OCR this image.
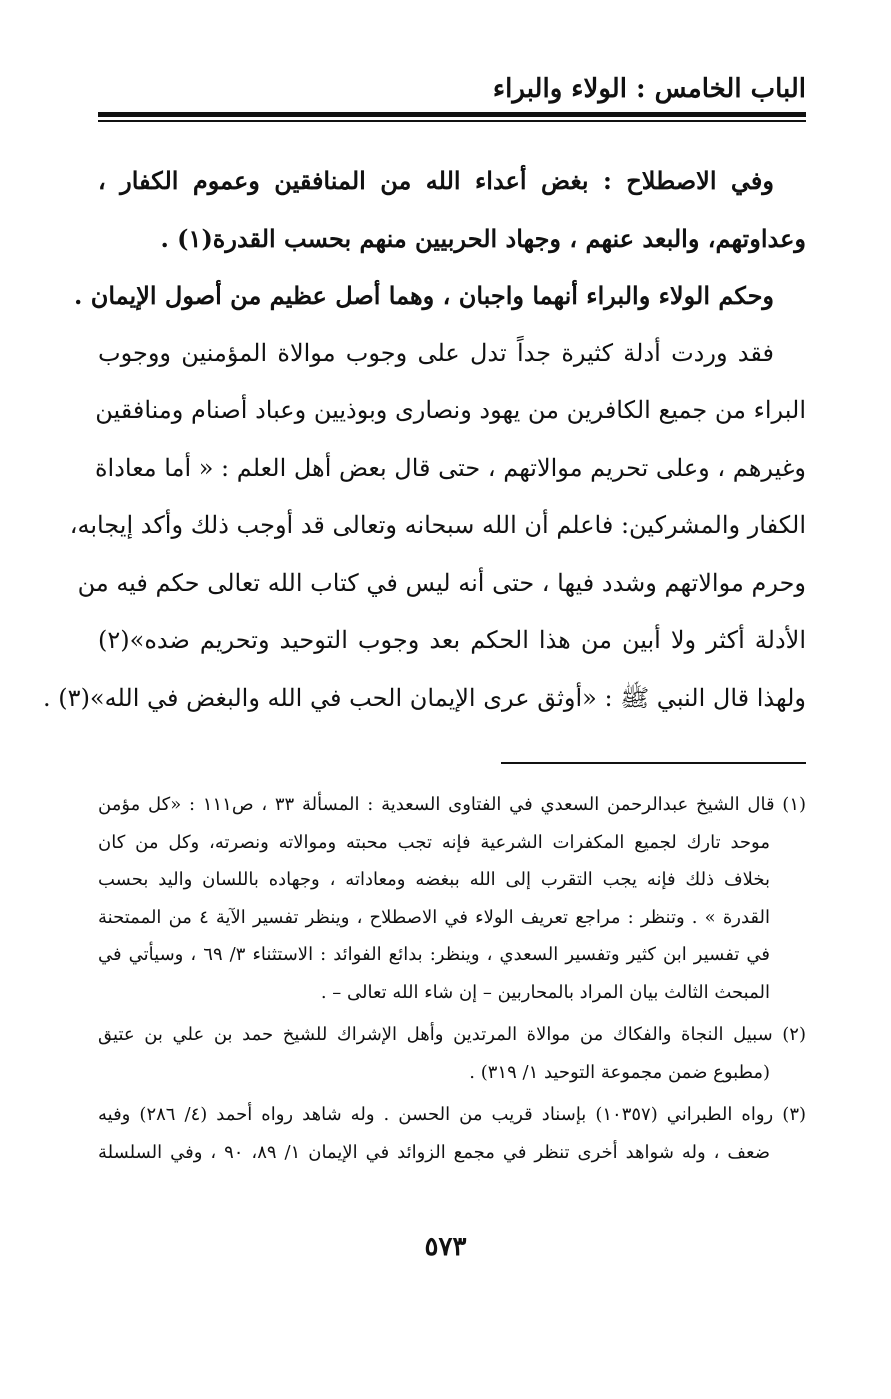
الباب الخامس : الولاء والبراء
وفي الاصطلاح : بغض أعداء الله من المنافقين وعموم الكفار ،
وعداوتهم، والبعد عنهم ، وجهاد الحربيين منهم بحسب القدرة(١) .
وحكم الولاء والبراء أنهما واجبان ، وهما أصل عظيم من أصول الإيمان .
فقد وردت أدلة كثيرة جداً تدل على وجوب موالاة المؤمنين ووجوب
البراء من جميع الكافرين من يهود ونصارى وبوذيين وعباد أصنام ومنافقين
وغيرهم ، وعلى تحريم موالاتهم ، حتى قال بعض أهل العلم : « أما معاداة
الكفار والمشركين: فاعلم أن الله سبحانه وتعالى قد أوجب ذلك وأكد إيجابه،
وحرم موالاتهم وشدد فيها ، حتى أنه ليس في كتاب الله تعالى حكم فيه من
الأدلة أكثر ولا أبين من هذا الحكم بعد وجوب التوحيد وتحريم ضده»(٢)
ولهذا قال النبي ﷺ : «أوثق عرى الإيمان الحب في الله والبغض في الله»(٣) .
(١) قال الشيخ عبدالرحمن السعدي في الفتاوى السعدية : المسألة ٣٣ ، ص١١١ : «كل مؤمن
موحد تارك لجميع المكفرات الشرعية فإنه تجب محبته وموالاته ونصرته، وكل من كان
بخلاف ذلك فإنه يجب التقرب إلى الله ببغضه ومعاداته ، وجهاده باللسان واليد بحسب
القدرة » . وتنظر : مراجع تعريف الولاء في الاصطلاح ، وينظر تفسير الآية ٤ من الممتحنة
في تفسير ابن كثير وتفسير السعدي ، وينظر: بدائع الفوائد : الاستثناء ٣/ ٦٩ ، وسيأتي في
المبحث الثالث بيان المراد بالمحاربين – إن شاء الله تعالى – .
(٢) سبيل النجاة والفكاك من موالاة المرتدين وأهل الإشراك للشيخ حمد بن علي بن عتيق
(مطبوع ضمن مجموعة التوحيد ١/ ٣١٩) .
(٣) رواه الطبراني (١٠٣٥٧) بإسناد قريب من الحسن . وله شاهد رواه أحمد (٤/ ٢٨٦) وفيه
ضعف ، وله شواهد أخرى تنظر في مجمع الزوائد في الإيمان ١/ ٨٩، ٩٠ ، وفي السلسلة
٥٧٣
